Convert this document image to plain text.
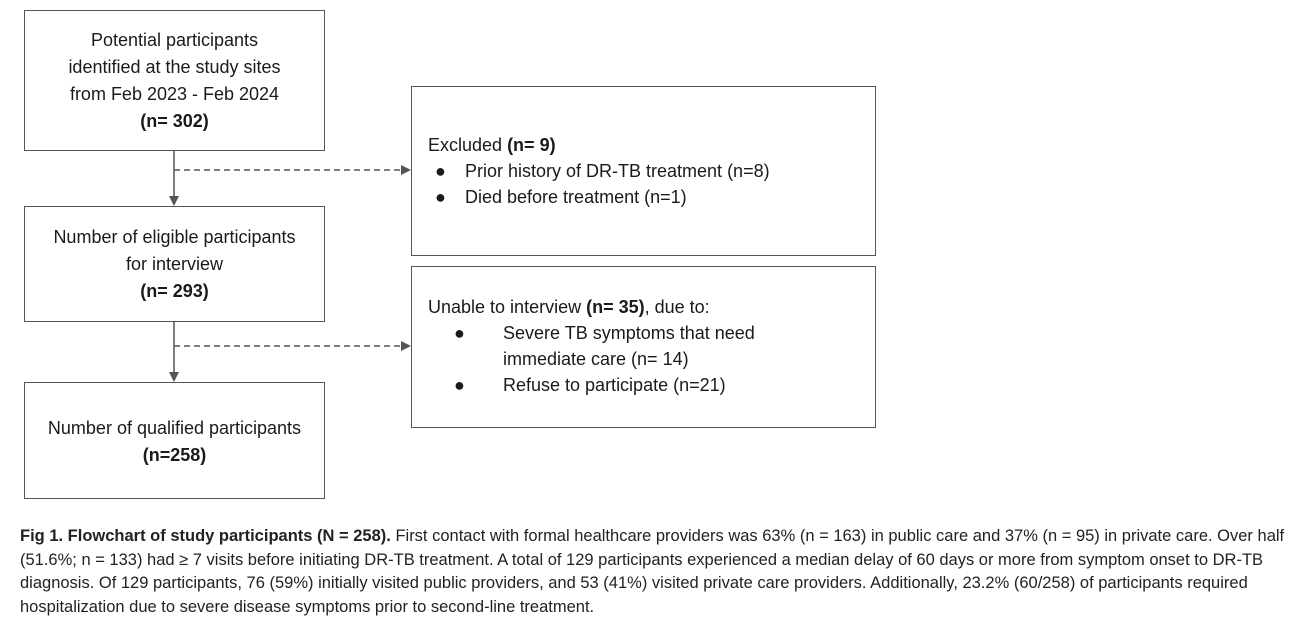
Potential participants
identified at the study sites
from Feb 2023 - Feb 2024
(n= 302)
Number of eligible participants
for interview
(n= 293)
Number of qualified participants
(n=258)
Excluded (n= 9)
● Prior history of DR-TB treatment (n=8)
● Died before treatment (n=1)
Unable to interview (n= 35), due to:
● Severe TB symptoms that need immediate care (n= 14)
● Refuse to participate (n=21)
Fig 1. Flowchart of study participants (N = 258). First contact with formal healthcare providers was 63% (n = 163) in public care and 37% (n = 95) in private care. Over half (51.6%; n = 133) had ≥ 7 visits before initiating DR-TB treatment. A total of 129 participants experienced a median delay of 60 days or more from symptom onset to DR-TB diagnosis. Of 129 participants, 76 (59%) initially visited public providers, and 53 (41%) visited private care providers. Additionally, 23.2% (60/258) of participants required hospitalization due to severe disease symptoms prior to second-line treatment.
